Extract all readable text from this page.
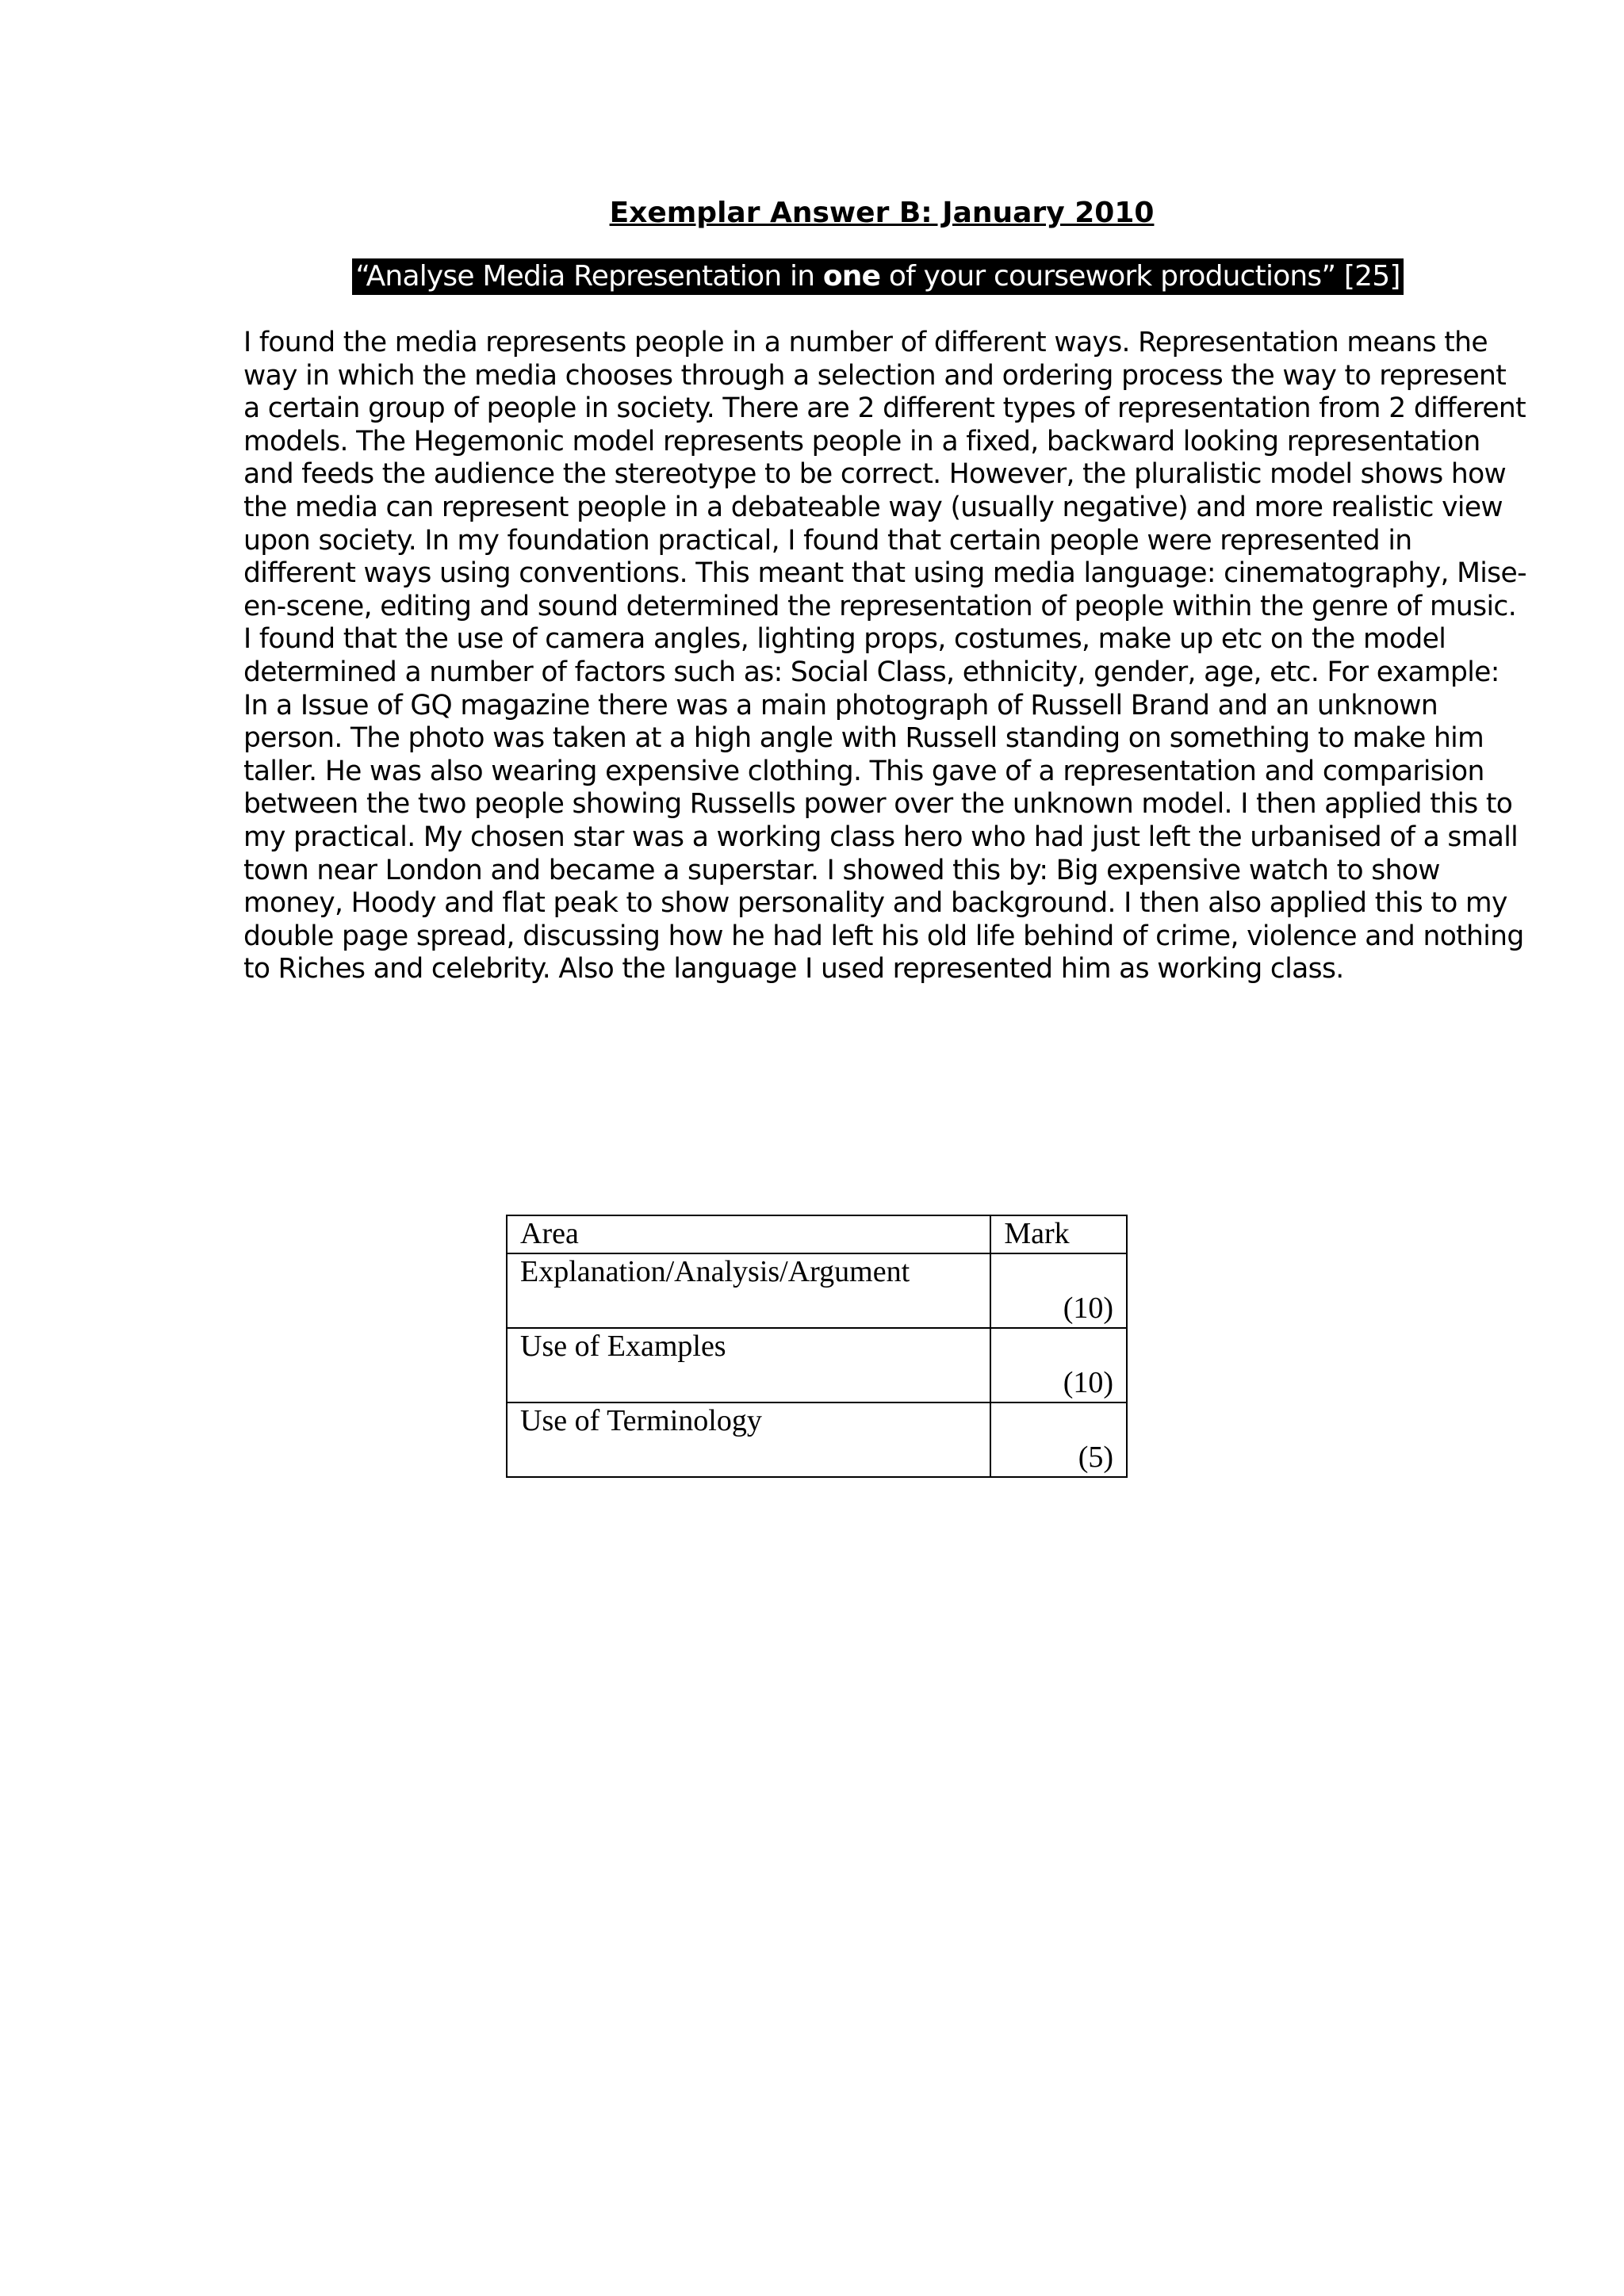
Exemplar Answer B: January 2010
“Analyse Media Representation in one of your coursework productions” [25]

I found the media represents people in a number of different ways. Representation means the way in which the media chooses through a selection and ordering process the way to represent a certain group of people in society. There are 2 different types of representation from 2 different models. The Hegemonic model represents people in a fixed, backward looking representation and feeds the audience the stereotype to be correct. However, the pluralistic model shows how the media can represent people in a debateable way (usually negative) and more realistic view upon society. In my foundation practical, I found that certain people were represented in different ways using conventions. This meant that using media language: cinematography, Mise-en-scene, editing and sound determined the representation of people within the genre of music. I found that the use of camera angles, lighting props, costumes, make up etc on the model determined a number of factors such as: Social Class, ethnicity, gender, age, etc. For example: In a Issue of GQ magazine there was a main photograph of Russell Brand and an unknown person. The photo was taken at a high angle with Russell standing on something to make him taller. He was also wearing expensive clothing. This gave of a representation and comparision between the two people showing Russells power over the unknown model. I then applied this to my practical. My chosen star was a working class hero who had just left the urbanised of a small town near London and became a superstar. I showed this by: Big expensive watch to show money, Hoody and flat peak to show personality and background. I then also applied this to my double page spread, discussing how he had left his old life behind of crime, violence and nothing to Riches and celebrity. Also the language I used represented him as working class.

Area	Mark
Explanation/Analysis/Argument	(10)
Use of Examples	(10)
Use of Terminology	(5)
